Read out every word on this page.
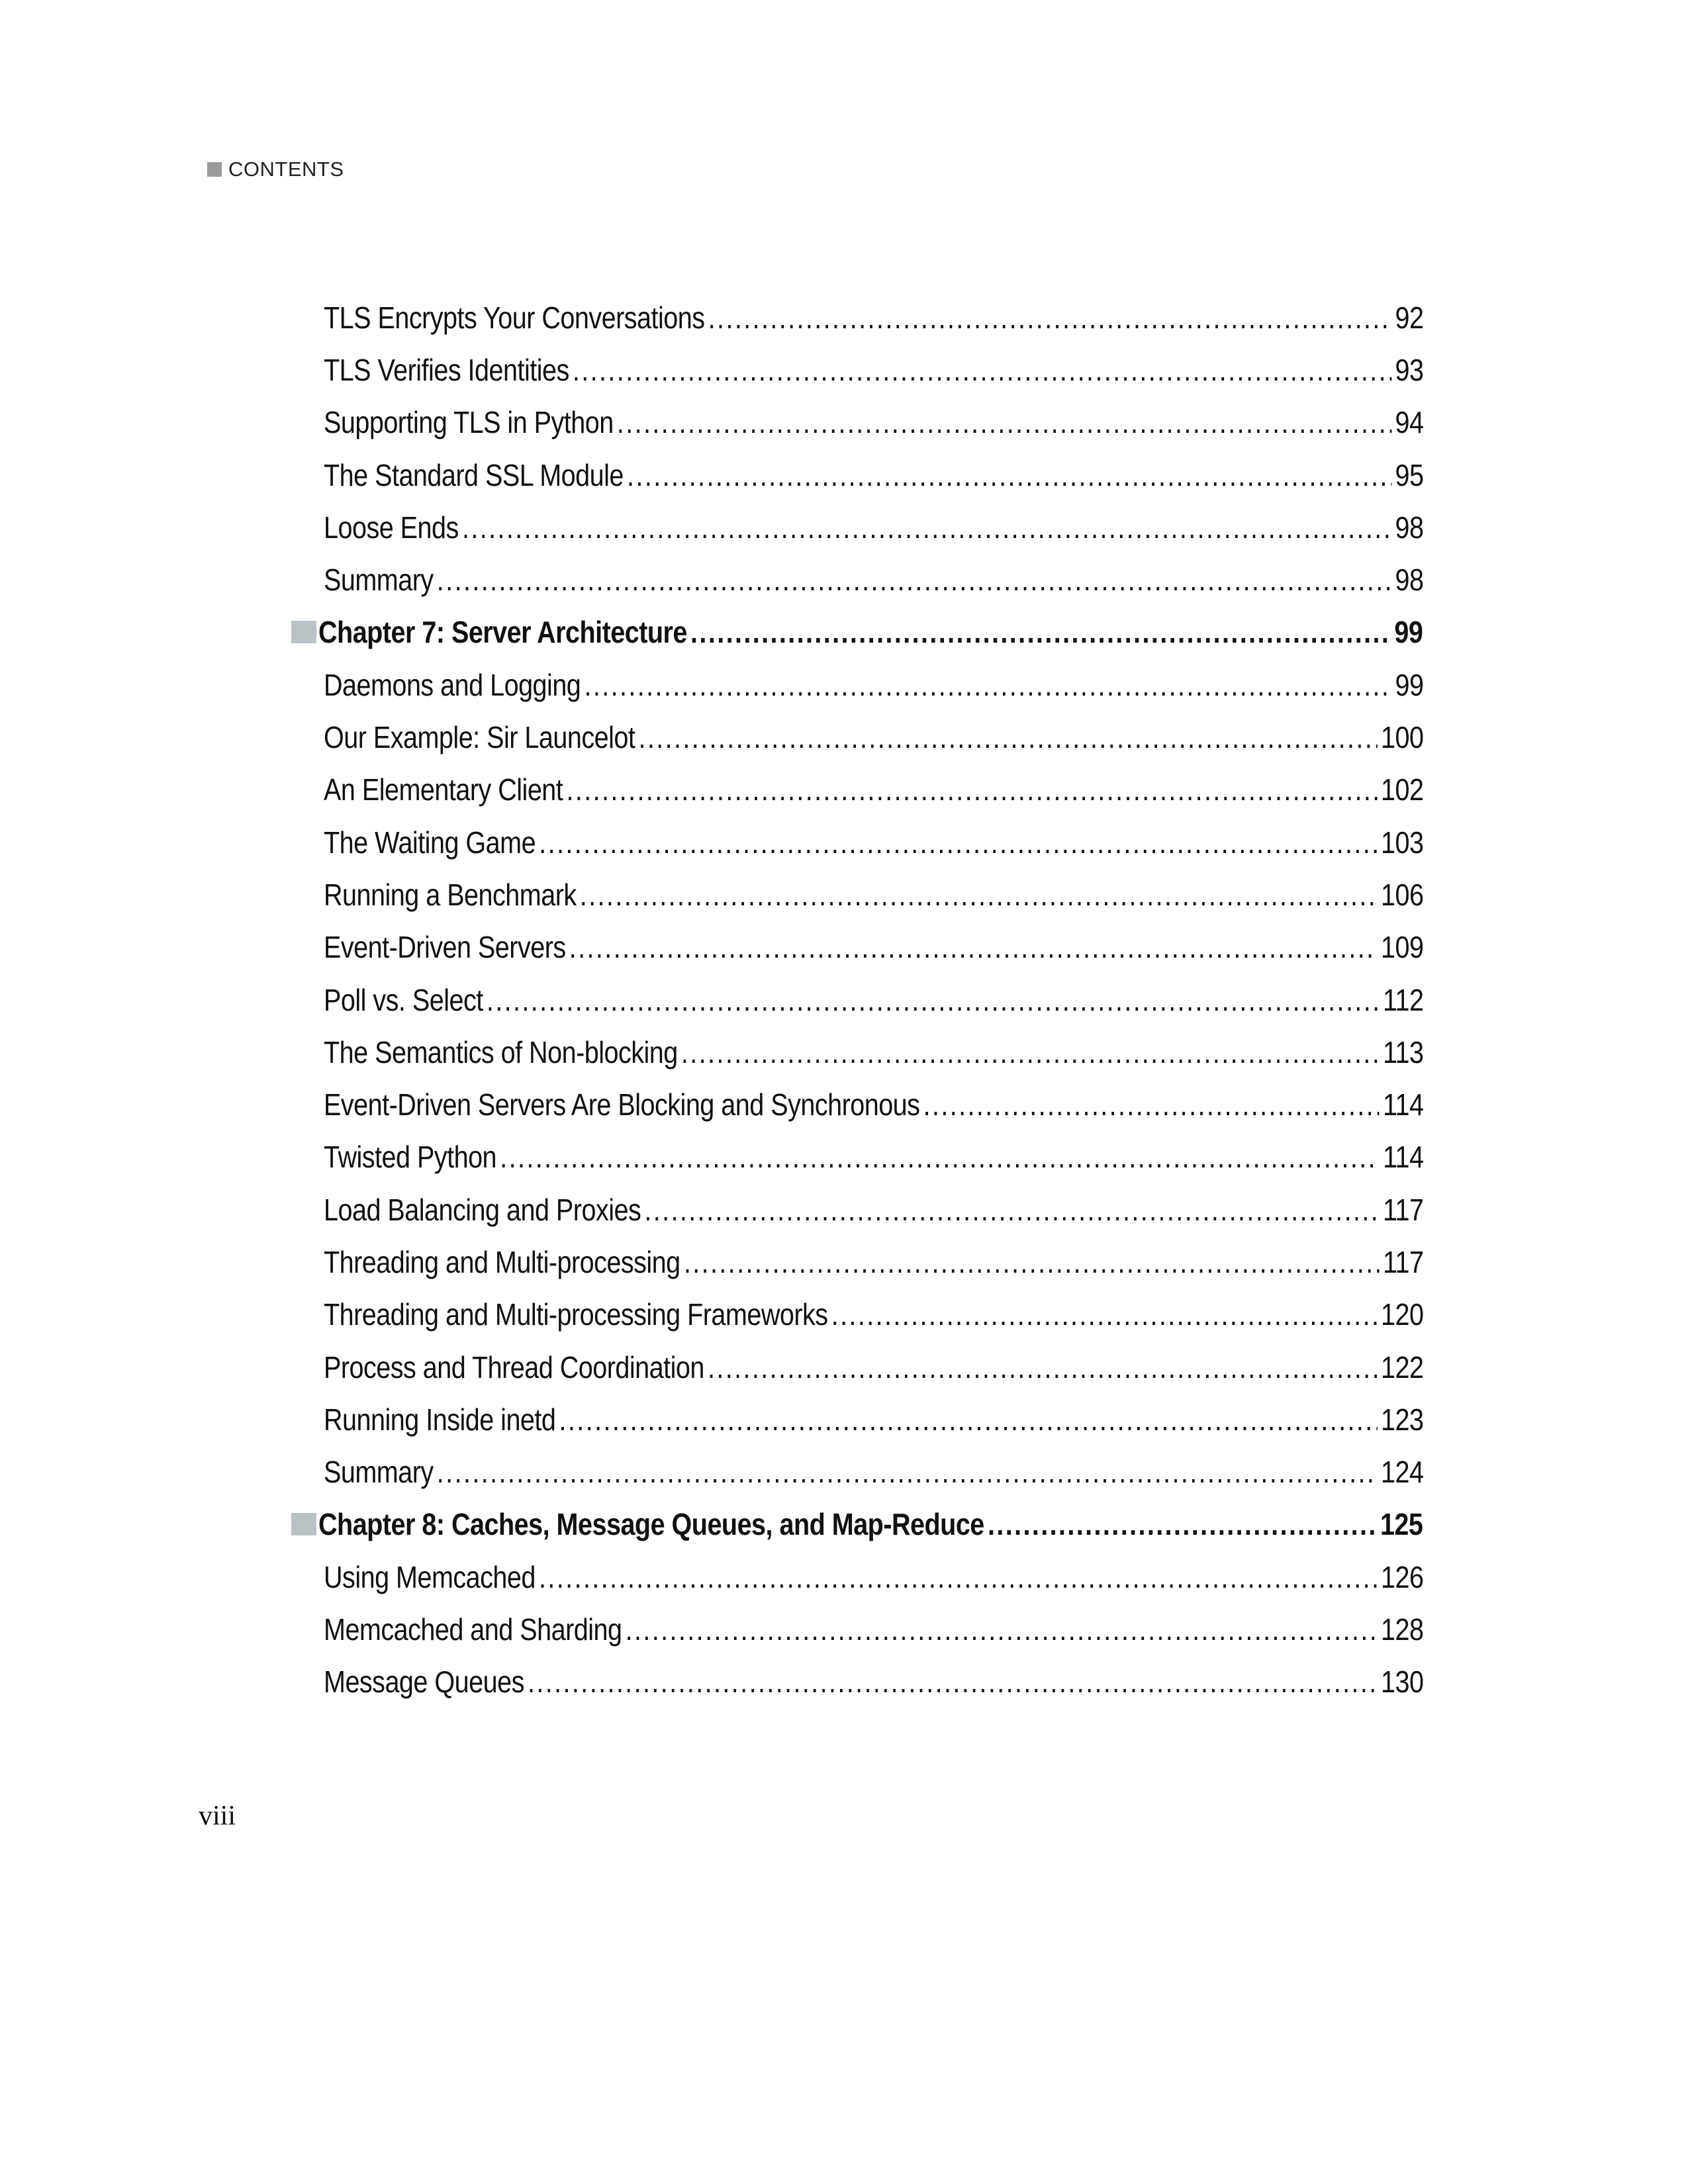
CONTENTS
TLS Encrypts Your Conversations . . .	92
TLS Verifies Identities . . .	93
Supporting TLS in Python . . .	94
The Standard SSL Module . . .	95
Loose Ends . . .	98
Summary . . .	98
Chapter 7: Server Architecture . . .	99
Daemons and Logging . . .	99
Our Example: Sir Launcelot . . .	100
An Elementary Client . . .	102
The Waiting Game . . .	103
Running a Benchmark . . .	106
Event-Driven Servers . . .	109
Poll vs. Select . . .	112
The Semantics of Non-blocking . . .	113
Event-Driven Servers Are Blocking and Synchronous . . .	114
Twisted Python . . .	114
Load Balancing and Proxies . . .	117
Threading and Multi-processing . . .	117
Threading and Multi-processing Frameworks . . .	120
Process and Thread Coordination . . .	122
Running Inside inetd . . .	123
Summary . . .	124
Chapter 8: Caches, Message Queues, and Map-Reduce . . .	125
Using Memcached . . .	126
Memcached and Sharding . . .	128
Message Queues . . .	130
viii
